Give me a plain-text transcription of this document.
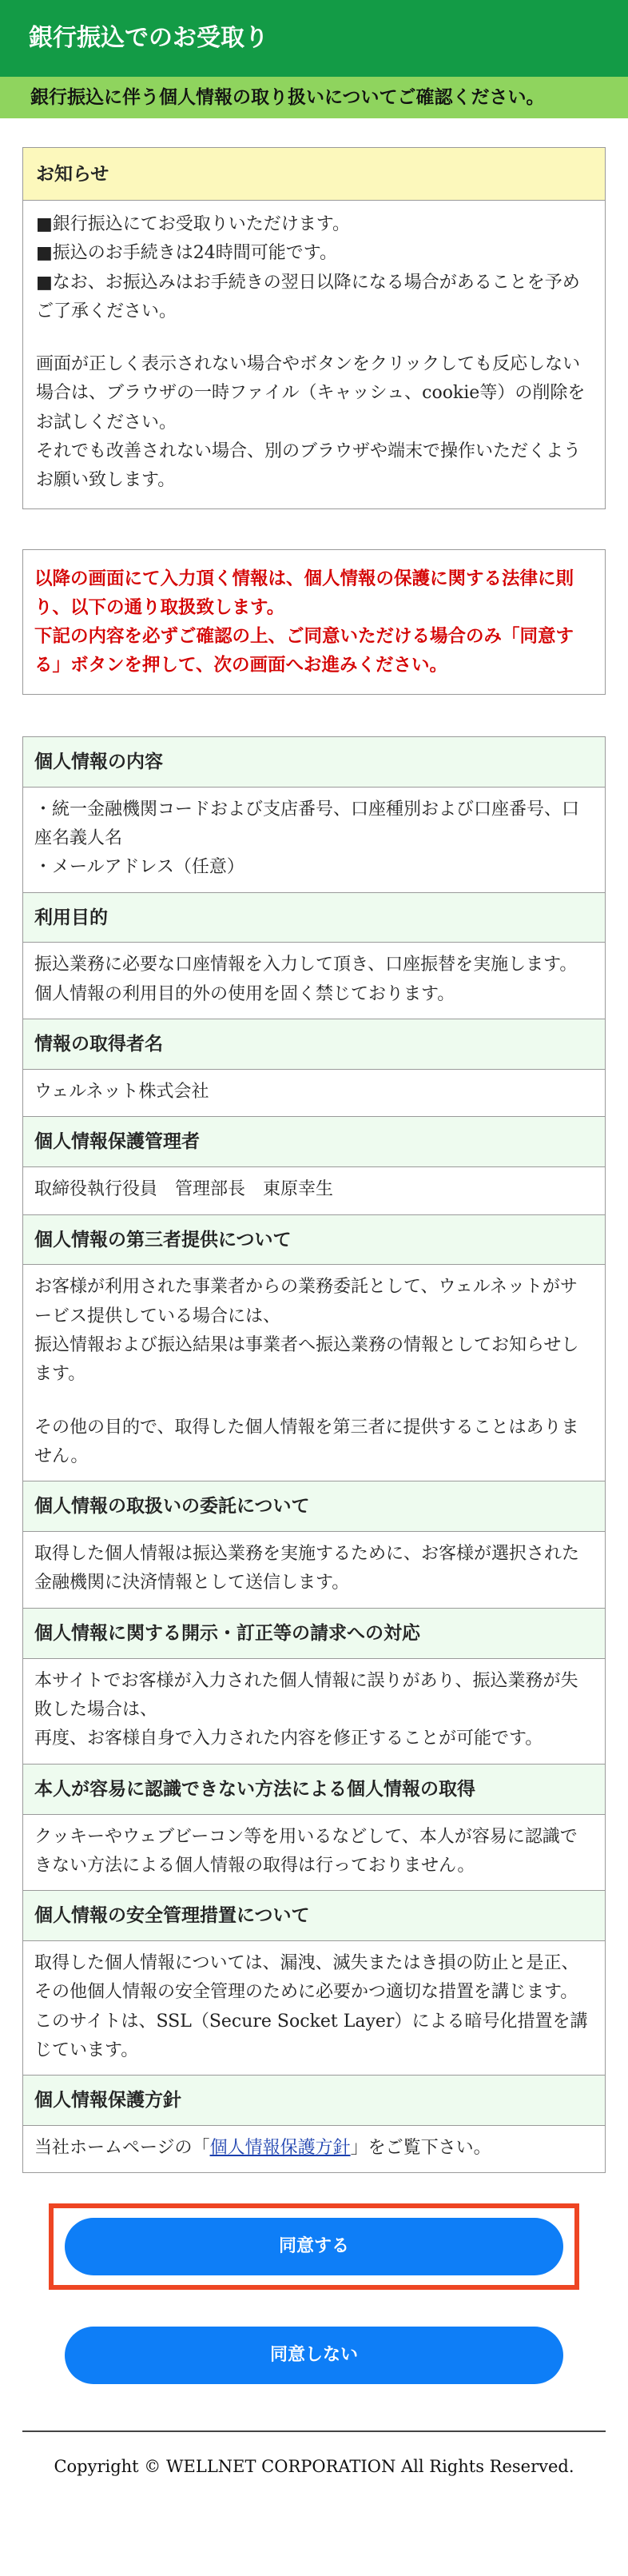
銀行振込でのお受取り
銀行振込に伴う個人情報の取り扱いについてご確認ください。
お知らせ

■銀行振込にてお受取りいただけます。

■振込のお手続きは24時間可能です。

■なお、お振込みはお手続きの翌日以降になる場合があることを予めご了承ください。

画面が正しく表示されない場合やボタンをクリックしても反応しない場合は、ブラウザの一時ファイル（キャッシュ、cookie等）の削除をお試しください。

それでも改善されない場合、別のブラウザや端末で操作いただくようお願い致します。

以降の画面にて入力頂く情報は、個人情報の保護に関する法律に則り、以下の通り取扱致します。

下記の内容を必ずご確認の上、ご同意いただける場合のみ「同意する」ボタンを押して、次の画面へお進みください。

個人情報の内容

・統一金融機関コードおよび支店番号、口座種別および口座番号、口座名義人名

・メールアドレス（任意）

利用目的

振込業務に必要な口座情報を入力して頂き、口座振替を実施します。個人情報の利用目的外の使用を固く禁じております。

情報の取得者名

ウェルネット株式会社

個人情報保護管理者

取締役執行役員　管理部長　東原幸生

個人情報の第三者提供について

お客様が利用された事業者からの業務委託として、ウェルネットがサービス提供している場合には、

振込情報および振込結果は事業者へ振込業務の情報としてお知らせします。

その他の目的で、取得した個人情報を第三者に提供することはありません。

個人情報の取扱いの委託について

取得した個人情報は振込業務を実施するために、お客様が選択された金融機関に決済情報として送信します。

個人情報に関する開示・訂正等の請求への対応

本サイトでお客様が入力された個人情報に誤りがあり、振込業務が失敗した場合は、

再度、お客様自身で入力された内容を修正することが可能です。

本人が容易に認識できない方法による個人情報の取得

クッキーやウェブビーコン等を用いるなどして、本人が容易に認識できない方法による個人情報の取得は行っておりません。

個人情報の安全管理措置について

取得した個人情報については、漏洩、滅失またはき損の防止と是正、その他個人情報の安全管理のために必要かつ適切な措置を講じます。

このサイトは、SSL（Secure Socket Layer）による暗号化措置を講じています。

個人情報保護方針

当社ホームページの「個人情報保護方針」をご覧下さい。

同意する
同意しない
Copyright © WELLNET CORPORATION All Rights Reserved.
